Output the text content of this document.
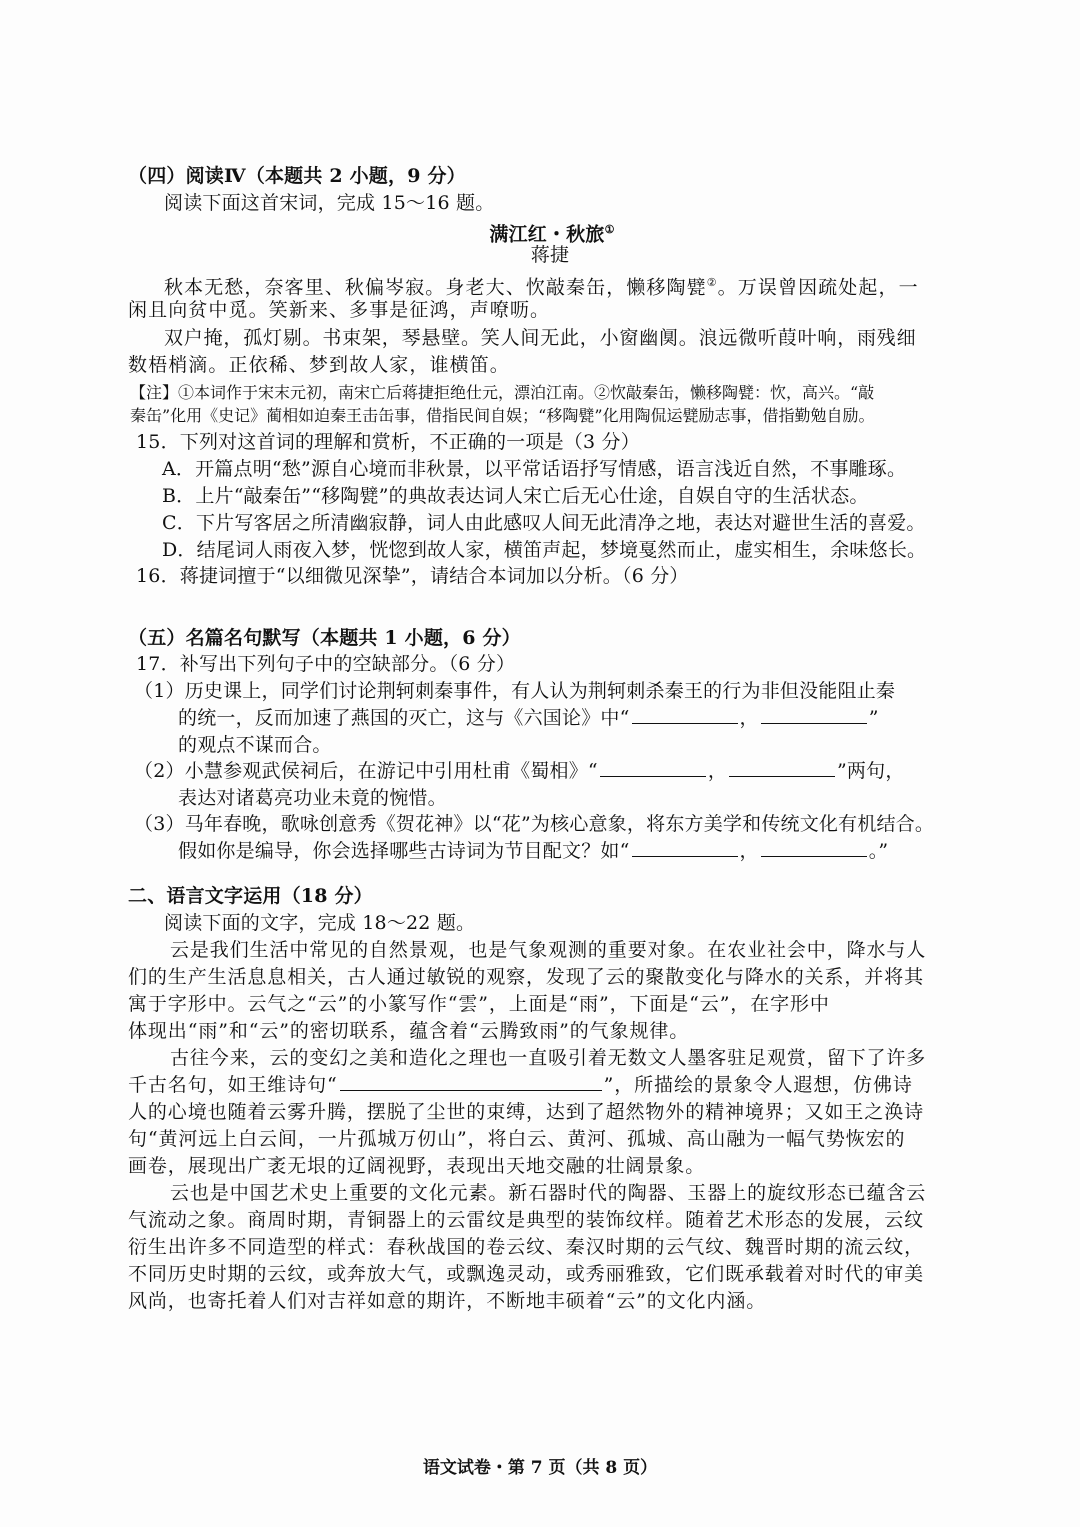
（四）阅读Ⅳ（本题共 2 小题，9 分）
阅读下面这首宋词，完成 15～16 题。
满江红・秋旅①
蒋捷
秋本无愁，奈客里、秋偏岑寂。身老大、忺敲秦缶，懒移陶甓②。万误曾因疏处起，一
闲且向贫中觅。笑新来、多事是征鸿，声嘹呖。
双户掩，孤灯剔。书束架，琴悬壁。笑人间无此，小窗幽阒。浪远微听葭叶响，雨残细
数梧梢滴。正依稀、梦到故人家，谁横笛。
【注】①本词作于宋末元初，南宋亡后蒋捷拒绝仕元，漂泊江南。②忺敲秦缶，懒移陶甓：忺，高兴。“敲
秦缶”化用《史记》蔺相如迫秦王击缶事，借指民间自娱；“移陶甓”化用陶侃运甓励志事，借指勤勉自励。
15．下列对这首词的理解和赏析，不正确的一项是（3 分）
A．开篇点明“愁”源自心境而非秋景，以平常话语抒写情感，语言浅近自然，不事雕琢。
B．上片“敲秦缶”“移陶甓”的典故表达词人宋亡后无心仕途，自娱自守的生活状态。
C．下片写客居之所清幽寂静，词人由此感叹人间无此清净之地，表达对避世生活的喜爱。
D．结尾词人雨夜入梦，恍惚到故人家，横笛声起，梦境戛然而止，虚实相生，余味悠长。
16．蒋捷词擅于“以细微见深挚”，请结合本词加以分析。（6 分）
（五）名篇名句默写（本题共 1 小题，6 分）
17．补写出下列句子中的空缺部分。（6 分）
（1）历史课上，同学们讨论荆轲刺秦事件，有人认为荆轲刺杀秦王的行为非但没能阻止秦
的统一，反而加速了燕国的灭亡，这与《六国论》中“	，	”
的观点不谋而合。
（2）小慧参观武侯祠后，在游记中引用杜甫《蜀相》“	，	”两句，
表达对诸葛亮功业未竟的惋惜。
（3）马年春晚，歌咏创意秀《贺花神》以“花”为核心意象，将东方美学和传统文化有机结合。
假如你是编导，你会选择哪些古诗词为节目配文？如“	，	。”
二、语言文字运用（18 分）
阅读下面的文字，完成 18～22 题。
云是我们生活中常见的自然景观，也是气象观测的重要对象。在农业社会中，降水与人
们的生产生活息息相关，古人通过敏锐的观察，发现了云的聚散变化与降水的关系，并将其
寓于字形中。云气之“云”的小篆写作“雲”，上面是“雨”，下面是“云”，在字形中
体现出“雨”和“云”的密切联系，蕴含着“云腾致雨”的气象规律。
古往今来，云的变幻之美和造化之理也一直吸引着无数文人墨客驻足观赏，留下了许多
千古名句，如王维诗句“	”，所描绘的景象令人遐想，仿佛诗
人的心境也随着云雾升腾，摆脱了尘世的束缚，达到了超然物外的精神境界；又如王之涣诗
句“黄河远上白云间，一片孤城万仞山”，将白云、黄河、孤城、高山融为一幅气势恢宏的
画卷，展现出广袤无垠的辽阔视野，表现出天地交融的壮阔景象。
云也是中国艺术史上重要的文化元素。新石器时代的陶器、玉器上的旋纹形态已蕴含云
气流动之象。商周时期，青铜器上的云雷纹是典型的装饰纹样。随着艺术形态的发展，云纹
衍生出许多不同造型的样式：春秋战国的卷云纹、秦汉时期的云气纹、魏晋时期的流云纹，
不同历史时期的云纹，或奔放大气，或飘逸灵动，或秀丽雅致，它们既承载着对时代的审美
风尚，也寄托着人们对吉祥如意的期许，不断地丰硕着“云”的文化内涵。
语文试卷・第 7 页（共 8 页）
